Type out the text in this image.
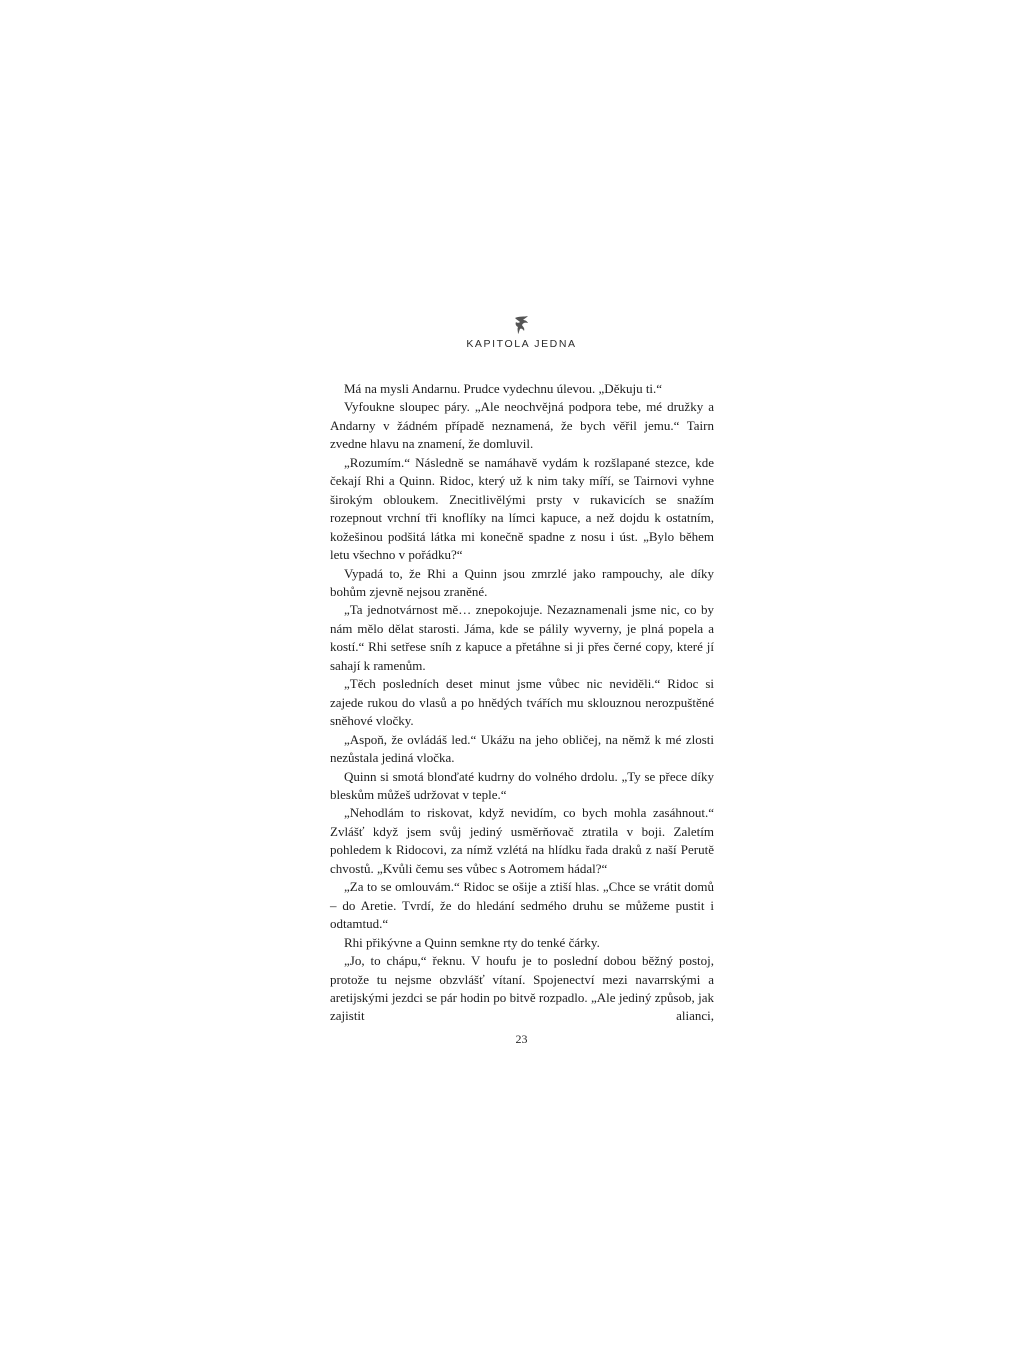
KAPITOLA JEDNA

Má na mysli Andarnu. Prudce vydechnu úlevou. „Děkuju ti.“

Vyfoukne sloupec páry. „Ale neochvějná podpora tebe, mé družky a Andarny v žádném případě neznamená, že bych věřil jemu.“ Tairn zvedne hlavu na znamení, že domluvil.

„Rozumím.“ Následně se namáhavě vydám k rozšlapané stezce, kde čekají Rhi a Quinn. Ridoc, který už k nim taky míří, se Tairnovi vyhne širokým obloukem. Znecitlivělými prsty v rukavicích se snažím rozepnout vrchní tři knoflíky na límci kapuce, a než dojdu k ostatním, kožešinou podšitá látka mi konečně spadne z nosu i úst. „Bylo během letu všechno v pořádku?“

Vypadá to, že Rhi a Quinn jsou zmrzlé jako rampouchy, ale díky bohům zjevně nejsou zraněné.

„Ta jednotvárnost mě… znepokojuje. Nezaznamenali jsme nic, co by nám mělo dělat starosti. Jáma, kde se pálily wyverny, je plná popela a kostí.“ Rhi setřese sníh z kapuce a přetáhne si ji přes černé copy, které jí sahají k ramenům.

„Těch posledních deset minut jsme vůbec nic neviděli.“ Ridoc si zajede rukou do vlasů a po hnědých tvářích mu sklouznou nerozpuštěné sněhové vločky.

„Aspoň, že ovládáš led.“ Ukážu na jeho obličej, na němž k mé zlosti nezůstala jediná vločka.

Quinn si smotá blonďaté kudrny do volného drdolu. „Ty se přece díky bleskům můžeš udržovat v teple.“

„Nehodlám to riskovat, když nevidím, co bych mohla zasáhnout.“ Zvlášť když jsem svůj jediný usměrňovač ztratila v boji. Zaletím pohledem k Ridocovi, za nímž vzlétá na hlídku řada draků z naší Perutě chvostů. „Kvůli čemu ses vůbec s Aotromem hádal?“

„Za to se omlouvám.“ Ridoc se ošije a ztiší hlas. „Chce se vrátit domů – do Aretie. Tvrdí, že do hledání sedmého druhu se můžeme pustit i odtamtud.“

Rhi přikývne a Quinn semkne rty do tenké čárky.

„Jo, to chápu,“ řeknu. V houfu je to poslední dobou běžný postoj, protože tu nejsme obzvlášť vítaní. Spojenectví mezi navarrskými a aretijskými jezdci se pár hodin po bitvě rozpadlo. „Ale jediný způsob, jak zajistit alianci,

23
